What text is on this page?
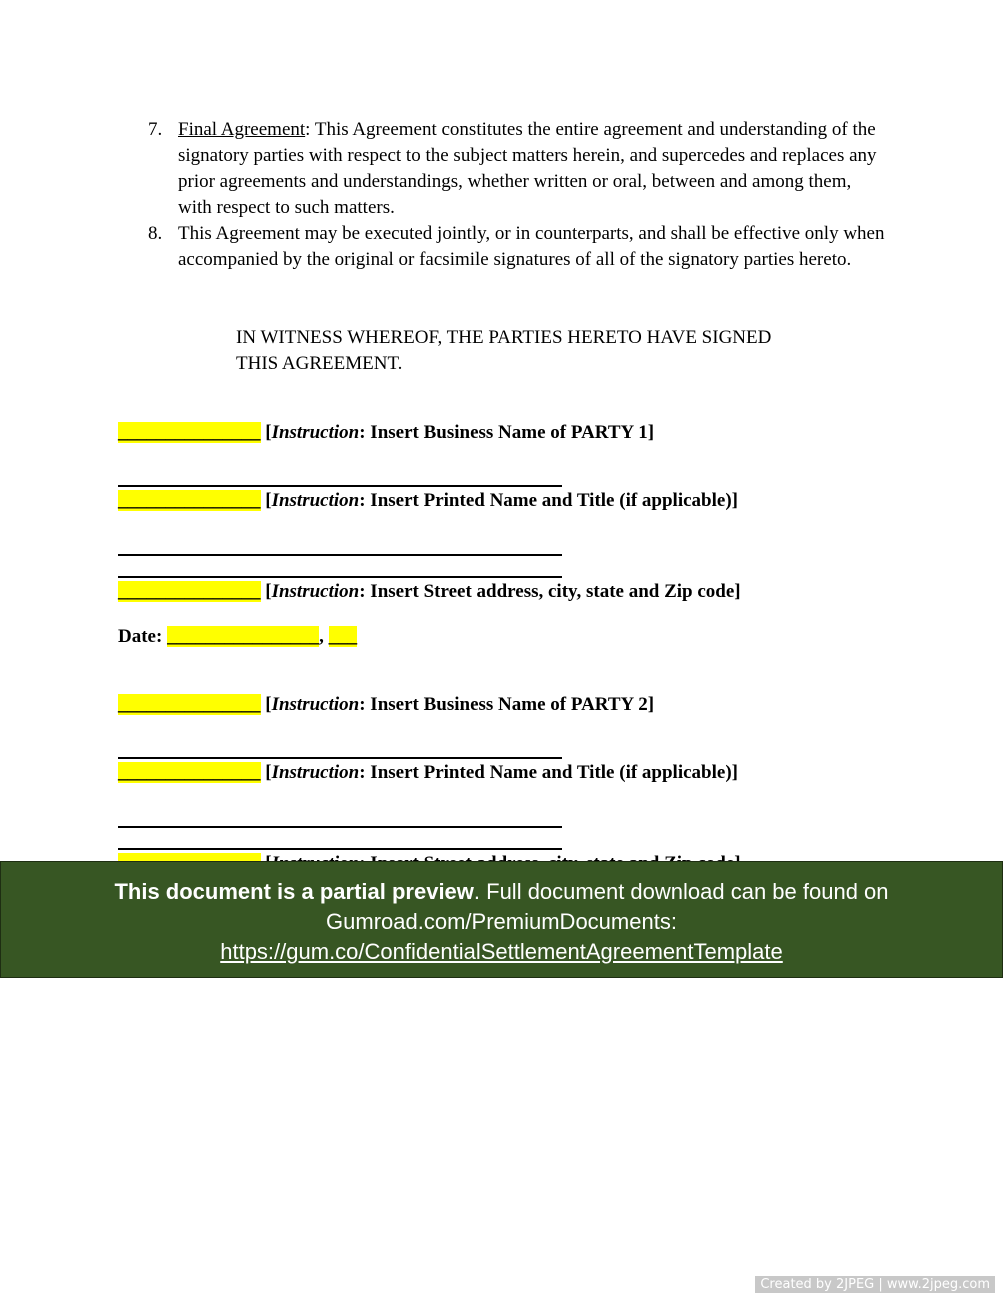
7. Final Agreement: This Agreement constitutes the entire agreement and understanding of the signatory parties with respect to the subject matters herein, and supercedes and replaces any prior agreements and understandings, whether written or oral, between and among them, with respect to such matters.
8. This Agreement may be executed jointly, or in counterparts, and shall be effective only when accompanied by the original or facsimile signatures of all of the signatory parties hereto.
IN WITNESS WHEREOF, THE PARTIES HERETO HAVE SIGNED
THIS AGREEMENT.
_______________ [Instruction: Insert Business Name of PARTY 1]
_______________ [Instruction: Insert Printed Name and Title (if applicable)]
_______________ [Instruction: Insert Street address, city, state and Zip code]
Date: ________________, ___
_______________ [Instruction: Insert Business Name of PARTY 2]
_______________ [Instruction: Insert Printed Name and Title (if applicable)]
This document is a partial preview. Full document download can be found on
Gumroad.com/PremiumDocuments:
https://gum.co/ConfidentialSettlementAgreementTemplate
Created by 2JPEG | www.2jpeg.com
